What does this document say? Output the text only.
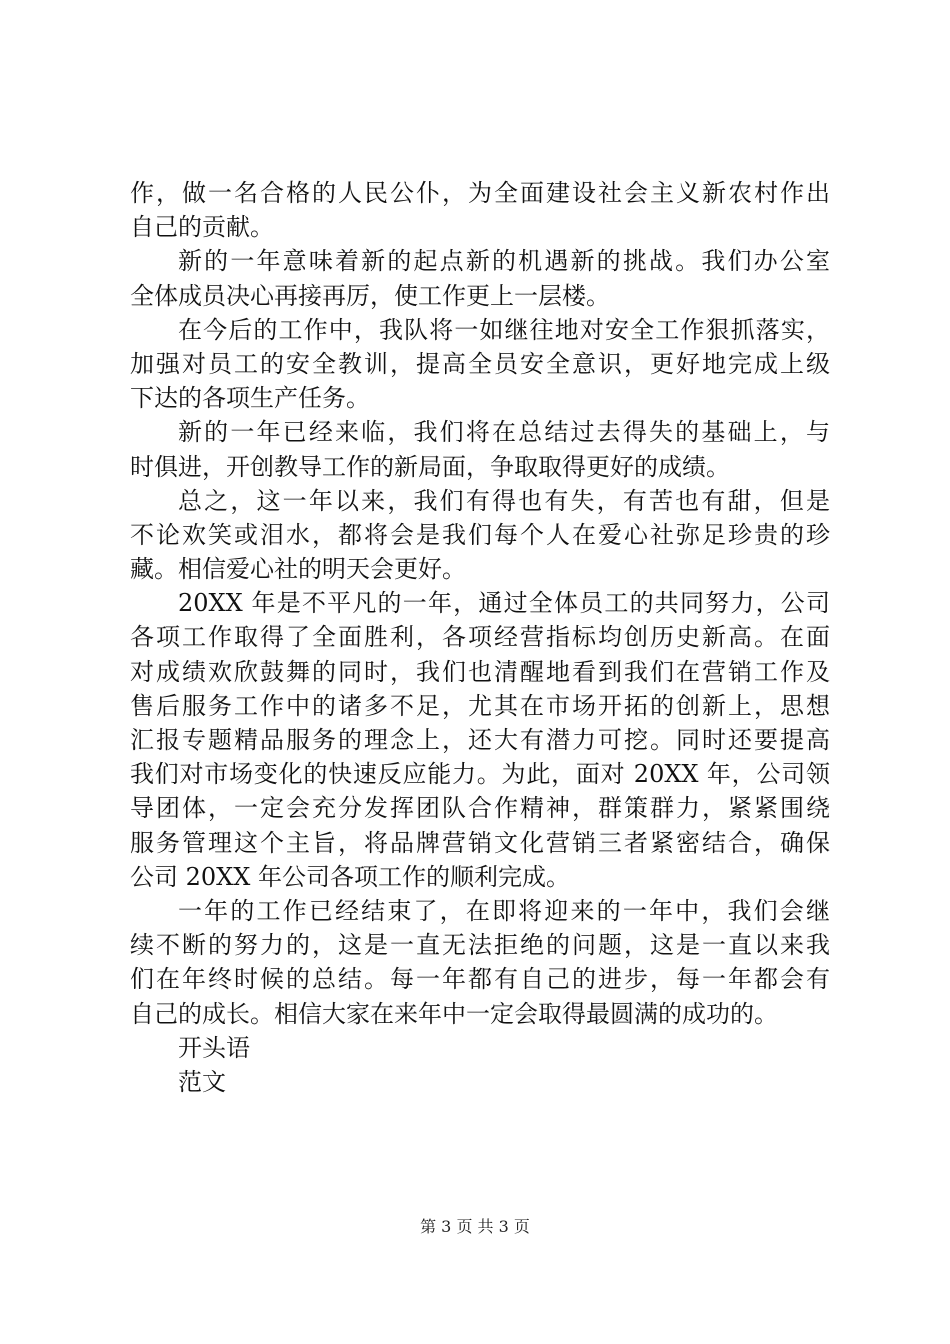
作，做一名合格的人民公仆，为全面建设社会主义新农村作出
自己的贡献。
新的一年意味着新的起点新的机遇新的挑战。我们办公室
全体成员决心再接再厉，使工作更上一层楼。
在今后的工作中，我队将一如继往地对安全工作狠抓落实，
加强对员工的安全教训，提高全员安全意识，更好地完成上级
下达的各项生产任务。
新的一年已经来临，我们将在总结过去得失的基础上，与
时俱进，开创教导工作的新局面，争取取得更好的成绩。
总之，这一年以来，我们有得也有失，有苦也有甜，但是
不论欢笑或泪水，都将会是我们每个人在爱心社弥足珍贵的珍
藏。相信爱心社的明天会更好。
20XX 年是不平凡的一年，通过全体员工的共同努力，公司
各项工作取得了全面胜利，各项经营指标均创历史新高。在面
对成绩欢欣鼓舞的同时，我们也清醒地看到我们在营销工作及
售后服务工作中的诸多不足，尤其在市场开拓的创新上，思想
汇报专题精品服务的理念上，还大有潜力可挖。同时还要提高
我们对市场变化的快速反应能力。为此，面对 20XX 年，公司领
导团体，一定会充分发挥团队合作精神，群策群力，紧紧围绕
服务管理这个主旨，将品牌营销文化营销三者紧密结合，确保
公司 20XX 年公司各项工作的顺利完成。
一年的工作已经结束了，在即将迎来的一年中，我们会继
续不断的努力的，这是一直无法拒绝的问题，这是一直以来我
们在年终时候的总结。每一年都有自己的进步，每一年都会有
自己的成长。相信大家在来年中一定会取得最圆满的成功的。
开头语
范文
第 3 页 共 3 页
